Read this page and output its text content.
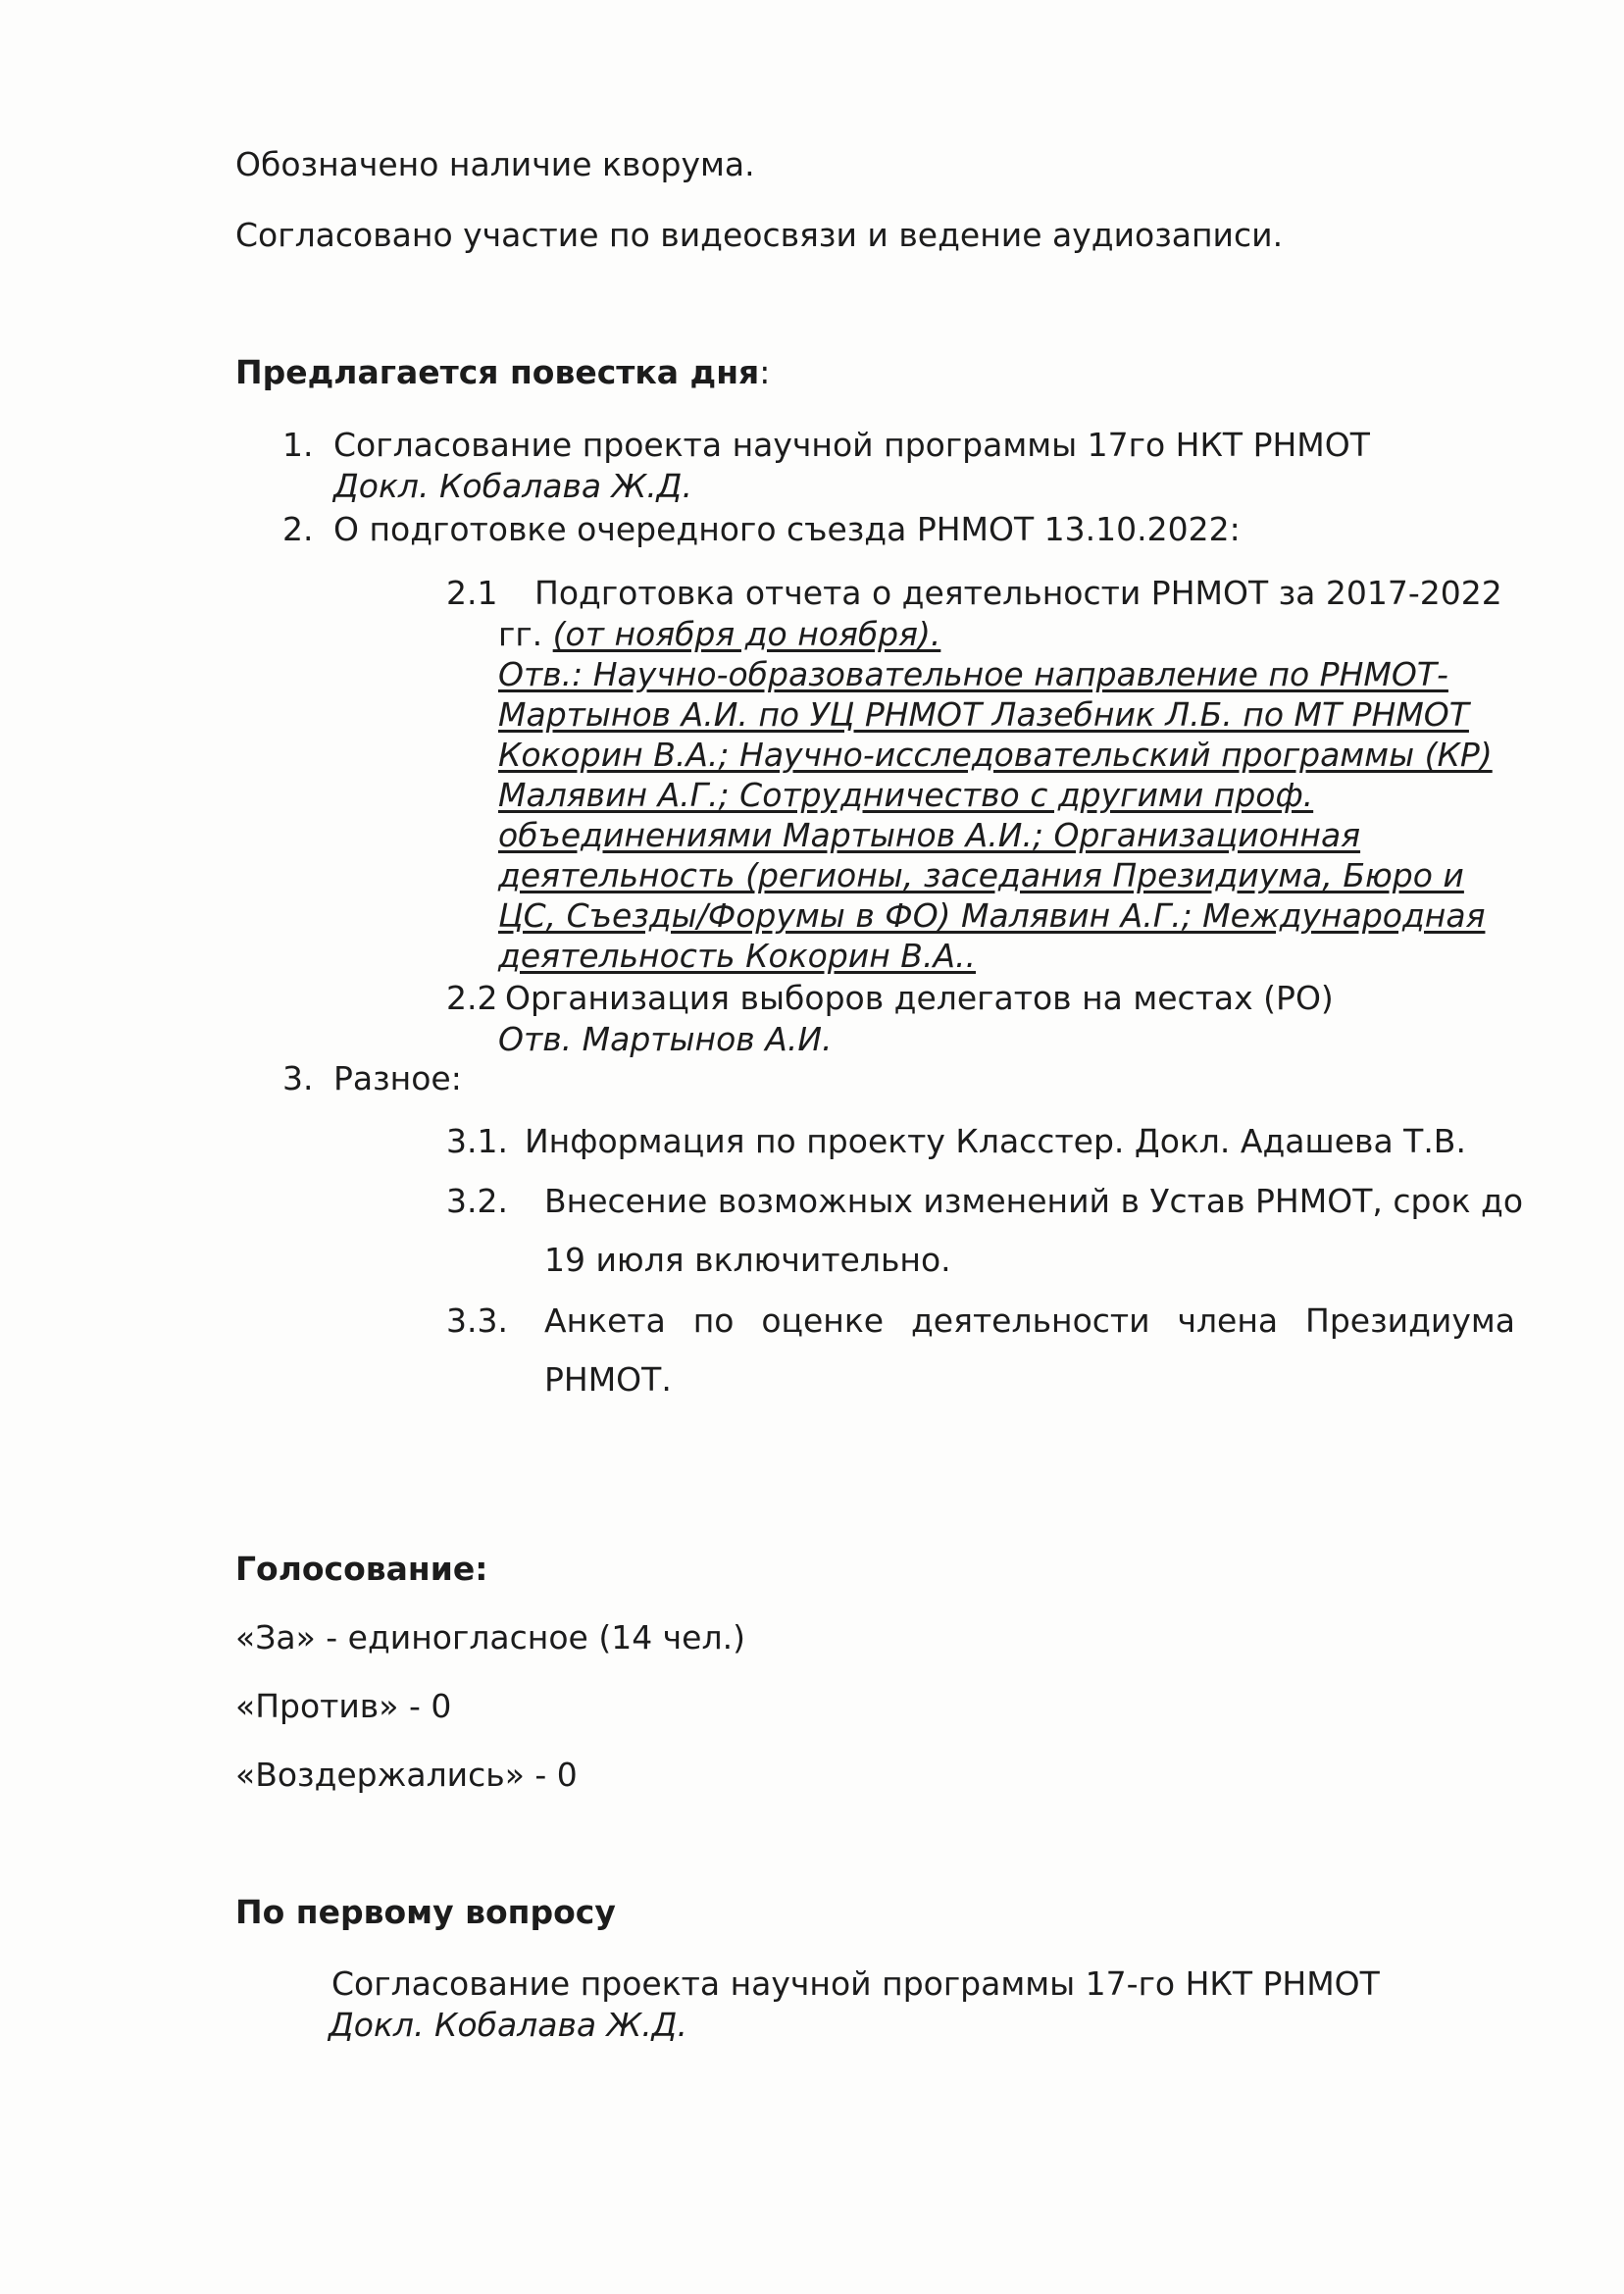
Обозначено наличие кворума.
Согласовано участие по видеосвязи и ведение аудиозаписи.
Предлагается повестка дня:
1. Согласование проекта научной программы 17го НКТ РНМОТ
Докл. Кобалава Ж.Д.
2. О подготовке очередного съезда РНМОТ 13.10.2022:
2.1 Подготовка отчета о деятельности РНМОТ за 2017-2022
гг. (от ноября до ноября).
Отв.: Научно-образовательное направление по РНМОТ-
Мартынов А.И. по УЦ РНМОТ Лазебник Л.Б. по МТ РНМОТ
Кокорин В.А.; Научно-исследовательский программы (КР)
Малявин А.Г.; Сотрудничество с другими проф.
объединениями Мартынов А.И.; Организационная
деятельность (регионы, заседания Президиума, Бюро и
ЦС, Съезды/Форумы в ФО) Малявин А.Г.; Международная
деятельность Кокорин В.А..
2.2 Организация выборов делегатов на местах (РО)
Отв. Мартынов А.И.
3. Разное:
3.1. Информация по проекту Класстер. Докл. Адашева Т.В.
3.2. Внесение возможных изменений в Устав РНМОТ, срок до
19 июля включительно.
3.3. Анкета по оценке деятельности члена Президиума
РНМОТ.
Голосование:
«За» - единогласное (14 чел.)
«Против» - 0
«Воздержались» - 0
По первому вопросу
Согласование проекта научной программы 17-го НКТ РНМОТ
Докл. Кобалава Ж.Д.
